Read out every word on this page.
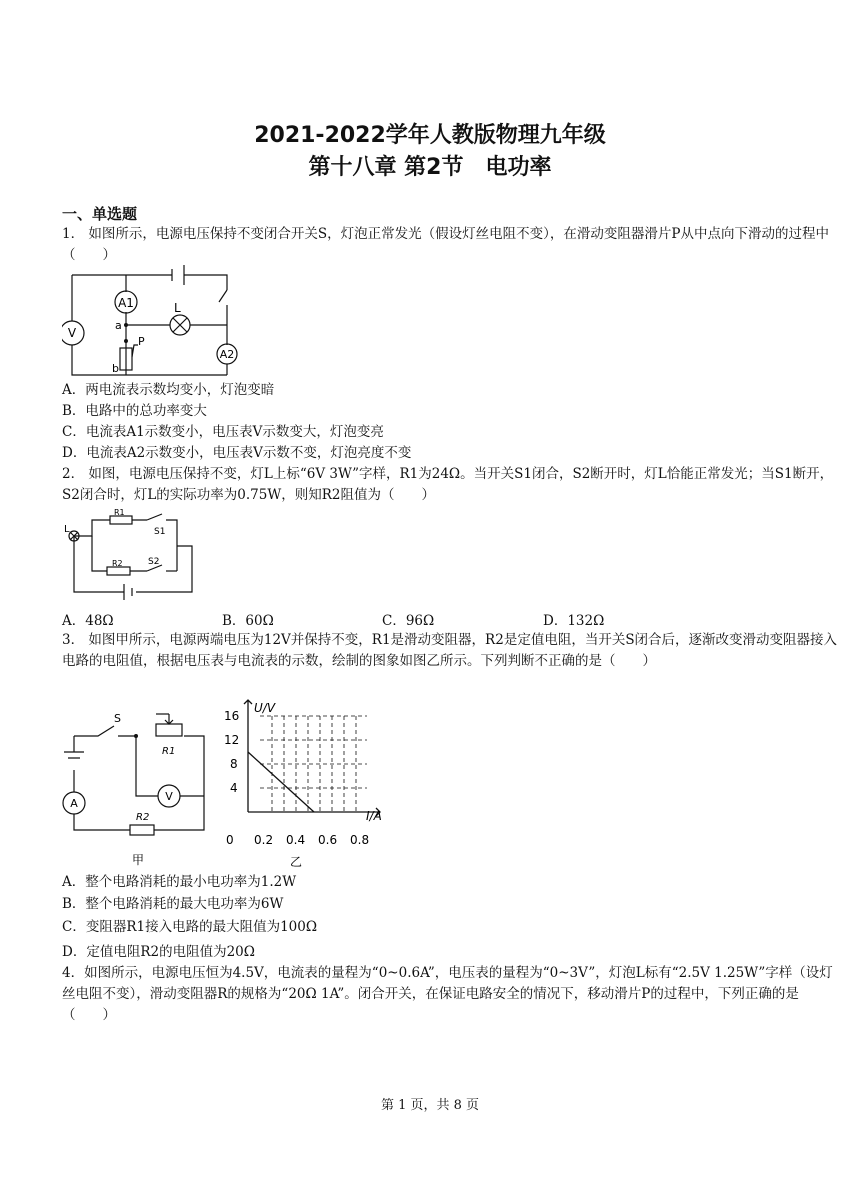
2021-2022学年人教版物理九年级
第十八章 第2节　电功率
一、单选题
1． 如图所示，电源电压保持不变闭合开关S，灯泡正常发光（假设灯丝电阻不变），在滑动变阻器滑片P从中点向下滑动的过程中（　　）
A1
A2
V
L
a
b
P
A．两电流表示数均变小，灯泡变暗
B．电路中的总功率变大
C．电流表A1示数变小，电压表V示数变大，灯泡变亮
D．电流表A2示数变小，电压表V示数不变，灯泡亮度不变
2． 如图，电源电压保持不变，灯L上标“6V 3W”字样，R1为24Ω。当开关S1闭合，S2断开时，灯L恰能正常发光；当S1断开，S2闭合时，灯L的实际功率为0.75W，则知R2阻值为（　　）
L
R1
R2
S1
S2
A．48Ω	B．60Ω	C．96Ω	D．132Ω
3． 如图甲所示，电源两端电压为12V并保持不变，R1是滑动变阻器，R2是定值电阻，当开关S闭合后，逐渐改变滑动变阻器接入电路的电阻值，根据电压表与电流表的示数，绘制的图象如图乙所示。下列判断不正确的是（　　）
S
R1
R2
V
A
甲
U/V
I/A
16
12
8
4
0 0.2 0.4 0.6 0.8
乙
A．整个电路消耗的最小电功率为1.2W
B．整个电路消耗的最大电功率为6W
C．变阻器R1接入电路的最大阻值为100Ω
D．定值电阻R2的电阻值为20Ω
4．如图所示，电源电压恒为4.5V，电流表的量程为“0~0.6A”，电压表的量程为“0~3V”，灯泡L标有“2.5V 1.25W”字样（设灯丝电阻不变），滑动变阻器R的规格为“20Ω 1A”。闭合开关，在保证电路安全的情况下，移动滑片P的过程中，下列正确的是（　　）
第 1 页，共 8 页
